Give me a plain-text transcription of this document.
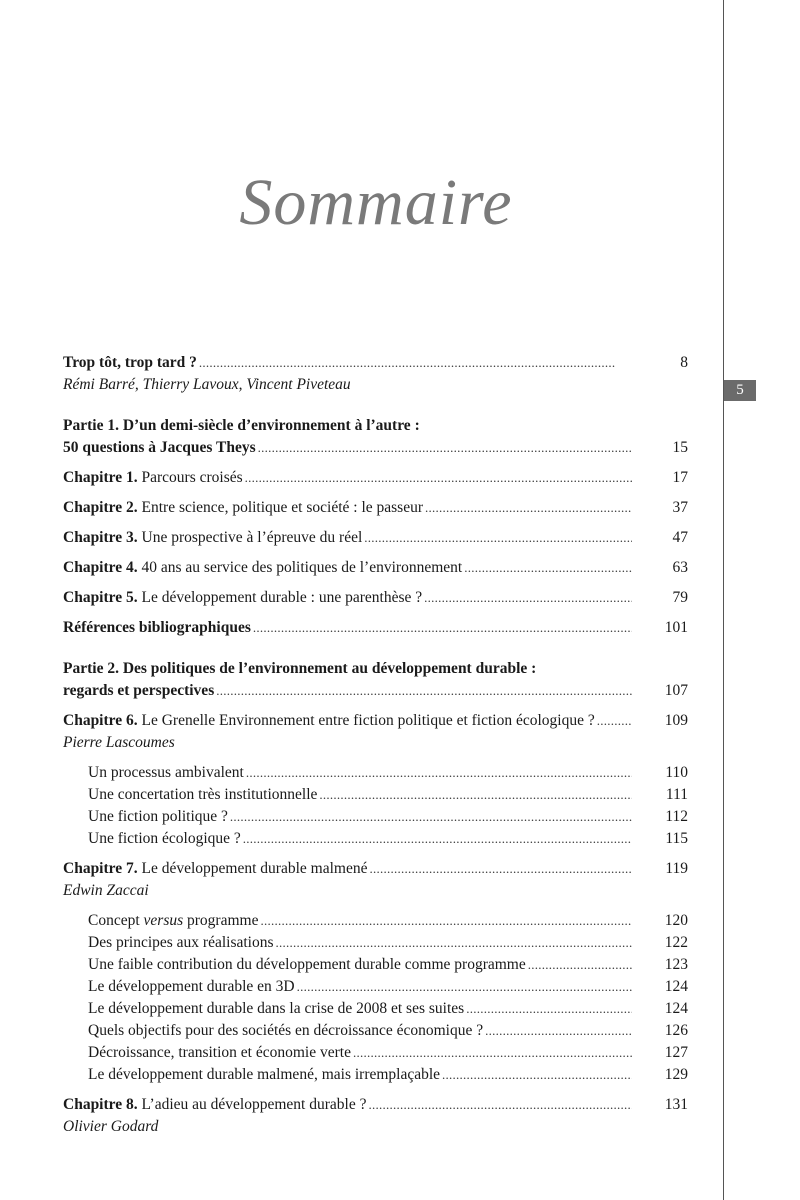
5
Sommaire
Trop tôt, trop tard ? . . .	8
Rémi Barré, Thierry Lavoux, Vincent Piveteau
Partie 1. D’un demi-siècle d’environnement à l’autre :
50 questions à Jacques Theys . . .	15
Chapitre 1. Parcours croisés . . .	17
Chapitre 2. Entre science, politique et société : le passeur . . .	37
Chapitre 3. Une prospective à l’épreuve du réel . . .	47
Chapitre 4. 40 ans au service des politiques de l’environnement . . .	63
Chapitre 5. Le développement durable : une parenthèse ? . . .	79
Références bibliographiques . . .	101
Partie 2. Des politiques de l’environnement au développement durable :
regards et perspectives . . .	107
Chapitre 6. Le Grenelle Environnement entre fiction politique et fiction écologique ? . . .	109
Pierre Lascoumes
Un processus ambivalent . . .	110
Une concertation très institutionnelle . . .	111
Une fiction politique ? . . .	112
Une fiction écologique ? . . .	115
Chapitre 7. Le développement durable malmené . . .	119
Edwin Zaccai
Concept versus programme . . .	120
Des principes aux réalisations . . .	122
Une faible contribution du développement durable comme programme . . .	123
Le développement durable en 3D . . .	124
Le développement durable dans la crise de 2008 et ses suites . . .	124
Quels objectifs pour des sociétés en décroissance économique ? . . .	126
Décroissance, transition et économie verte . . .	127
Le développement durable malmené, mais irremplaçable . . .	129
Chapitre 8. L’adieu au développement durable ? . . .	131
Olivier Godard
